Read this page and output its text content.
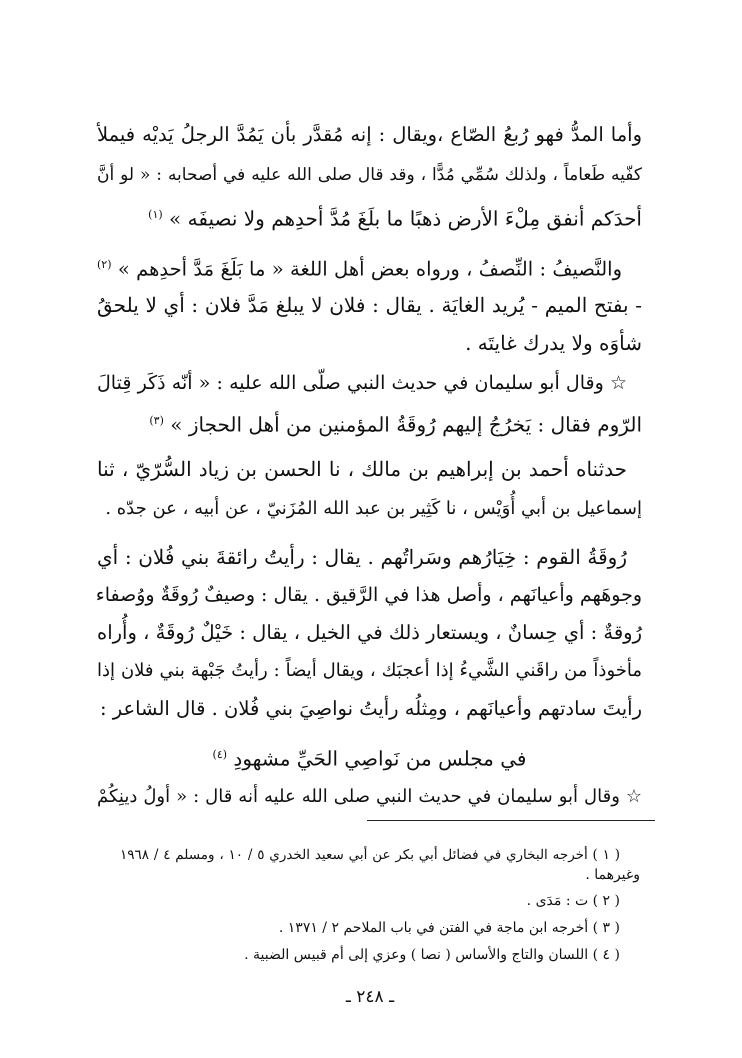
وأما المدُّ فهو رُبعُ الصّاع ،ويقال : إنه مُقدَّر بأن يَمُدَّ الرجلُ يَديْه فيملأ
كفّيه طَعاماً ، ولذلك سُمِّي مُدًّا ، وقد قال صلى الله عليه في أصحابه : « لو أنَّ
أحدَكم أنفق مِلْءَ الأرض ذهبًا ما بلَغَ مُدَّ أحدِهم ولا نصيفَه » $^{(١)}$
والنَّصيفُ : النِّصفُ ، ورواه بعض أهل اللغة « ما بَلَغَ مَدَّ أحدِهم » $^{(٢)}$
- بفتح الميم - يُريد الغايَة . يقال : فلان لا يبلغ مَدَّ فلان : أي لا يلحقُ
شأوَه ولا يدرك غايتَه .
☆ وقال أبو سليمان في حديث النبي صلّى الله عليه : « أنّه ذَكَر قِتالَ
الرّوم فقال : يَخرُجُ إليهم رُوقَةُ المؤمنين من أهل الحجاز » $^{(٣)}$
حدثناه أحمد بن إبراهيم بن مالك ، نا الحسن بن زياد السُّرّيّ ، ثنا
إسماعيل بن أبي أُوَيْس ، نا كَثِير بن عبد الله المُزَنيّ ، عن أبيه ، عن جدّه .
رُوقَةُ القوم : خِيَارُهم وسَراتُهم . يقال : رأيتُ رائقةَ بني فُلان : أي
وجوهَهم وأعيانَهم ، وأصل هذا في الرَّقيق . يقال : وصيفٌ رُوقَةٌ ووُصفاء
رُوقةٌ : أي حِسانٌ ، ويستعار ذلك في الخيل ، يقال : خَيْلٌ رُوقَةٌ ، وأُراه
مأخوذاً من راقَني الشَّيءُ إذا أعجبَك ، ويقال أيضاً : رأيتُ جَبْهة بني فلان إذا
رأيتَ سادتهم وأعيانَهم ، ومِثلُه رأيتُ نواصِيَ بني فُلان . قال الشاعر :
في مجلس من نَواصِي الحَيِّ مشهودِ $^{(٤)}$
☆ وقال أبو سليمان في حديث النبي صلى الله عليه أنه قال : « أولُ دينِكُمْ
( ١ ) أخرجه البخاري في فضائل أبي بكر عن أبي سعيد الخدري ٥ / ١٠ ، ومسلم ٤ / ١٩٦٨
وغيرهما .
( ٢ ) ت : مَدَى .
( ٣ ) أخرجه ابن ماجة في الفتن في باب الملاحم ٢ / ١٣٧١ .
( ٤ ) اللسان والتاج والأساس ( نصا ) وعزي إلى أم قبيس الضبية .
ـ ٢٤٨ ـ
